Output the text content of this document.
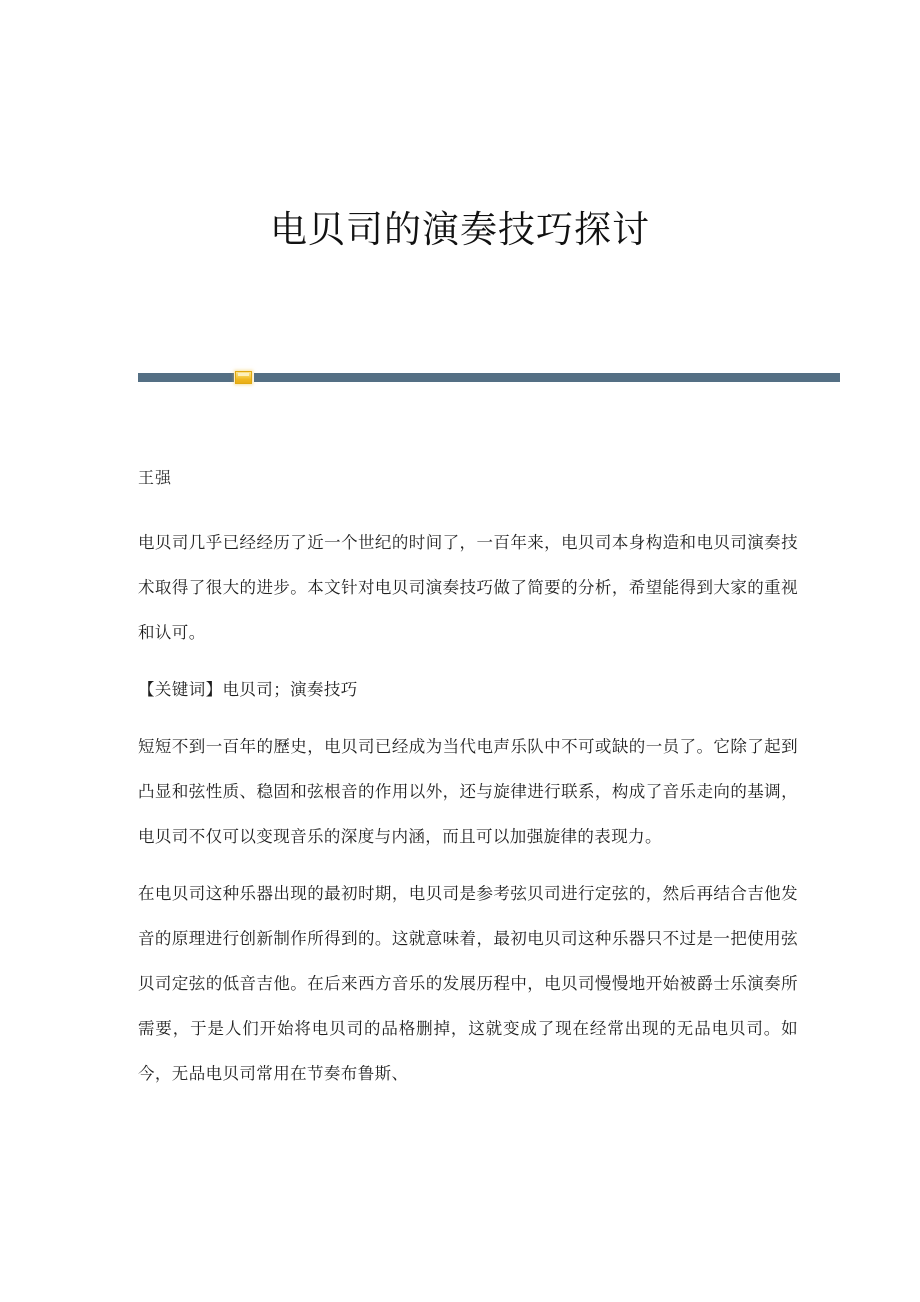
电贝司的演奏技巧探讨
王强

电贝司几乎已经经历了近一个世纪的时间了，一百年来，电贝司本身构造和电贝司演奏技术取得了很大的进步。本文针对电贝司演奏技巧做了简要的分析，希望能得到大家的重视和认可。

【关键词】电贝司；演奏技巧

短短不到一百年的歷史，电贝司已经成为当代电声乐队中不可或缺的一员了。它除了起到凸显和弦性质、稳固和弦根音的作用以外，还与旋律进行联系，构成了音乐走向的基调，电贝司不仅可以变现音乐的深度与内涵，而且可以加强旋律的表现力。

在电贝司这种乐器出现的最初时期，电贝司是参考弦贝司进行定弦的，然后再结合吉他发音的原理进行创新制作所得到的。这就意味着，最初电贝司这种乐器只不过是一把使用弦贝司定弦的低音吉他。在后来西方音乐的发展历程中，电贝司慢慢地开始被爵士乐演奏所需要，于是人们开始将电贝司的品格删掉，这就变成了现在经常出现的无品电贝司。如今，无品电贝司常用在节奏布鲁斯、
